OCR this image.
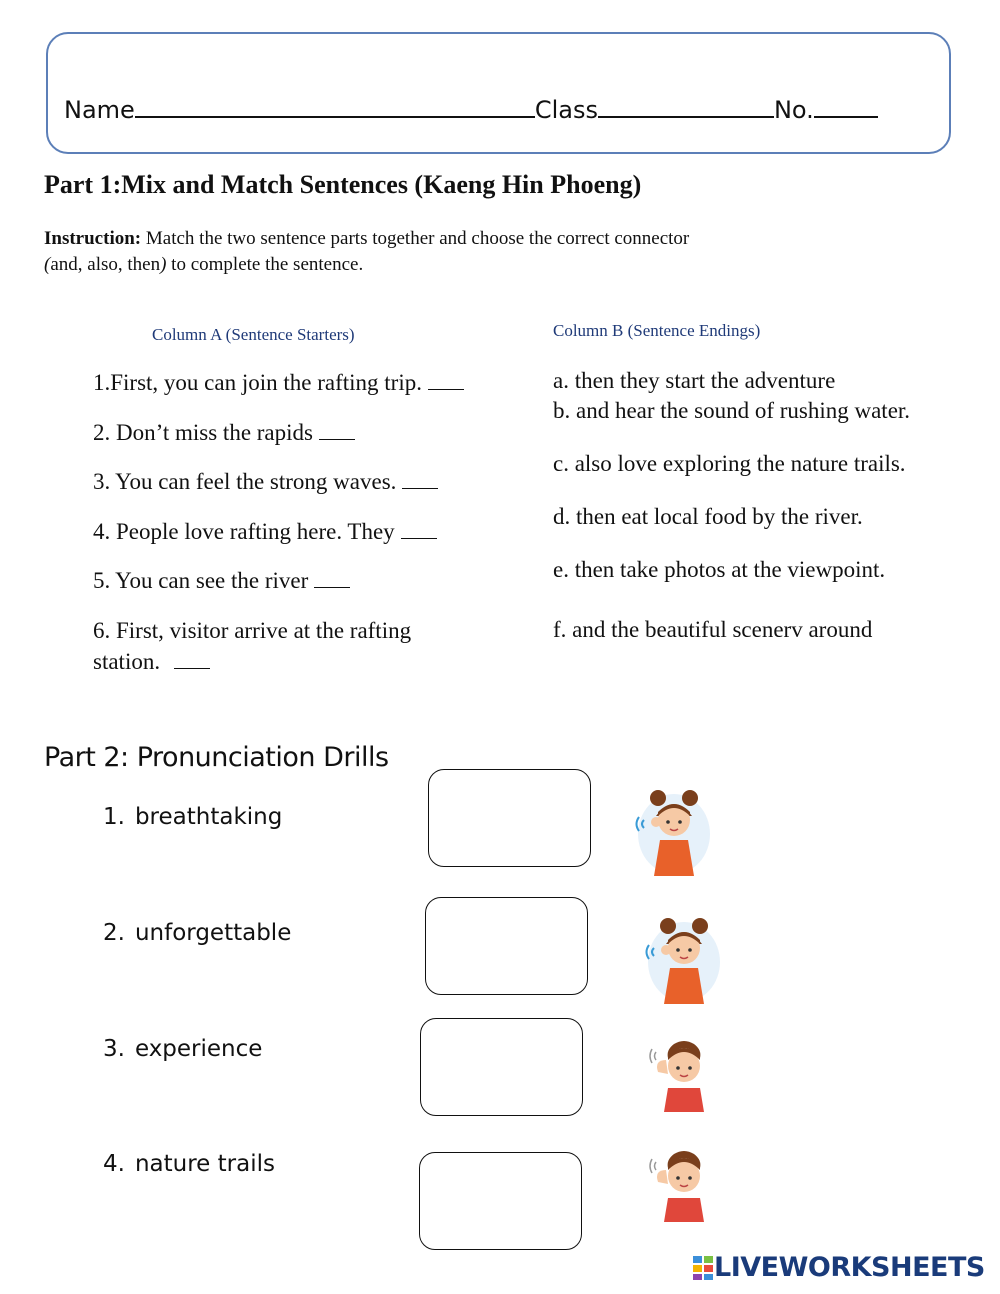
Name	Class	No.
Part 1:Mix and Match Sentences (Kaeng Hin Phoeng)
Instruction: Match the two sentence parts together and choose the correct connector
(and, also, then) to complete the sentence.
Column A (Sentence Starters)	Column B (Sentence Endings)
1.First, you can join the rafting trip.
2. Don’t miss the rapids
3. You can feel the strong waves.
4. People love rafting here. They
5. You can see the river
6. First, visitor arrive at the rafting
station.
a. then they start the adventure
b. and hear the sound of rushing water.
c. also love exploring the nature trails.
d. then eat local food by the river.
e. then take photos at the viewpoint.
f. and the beautiful scenerv around
Part 2: Pronunciation Drills
1. breathtaking
2. unforgettable
3. experience
4. nature trails
LIVEWORKSHEETS
